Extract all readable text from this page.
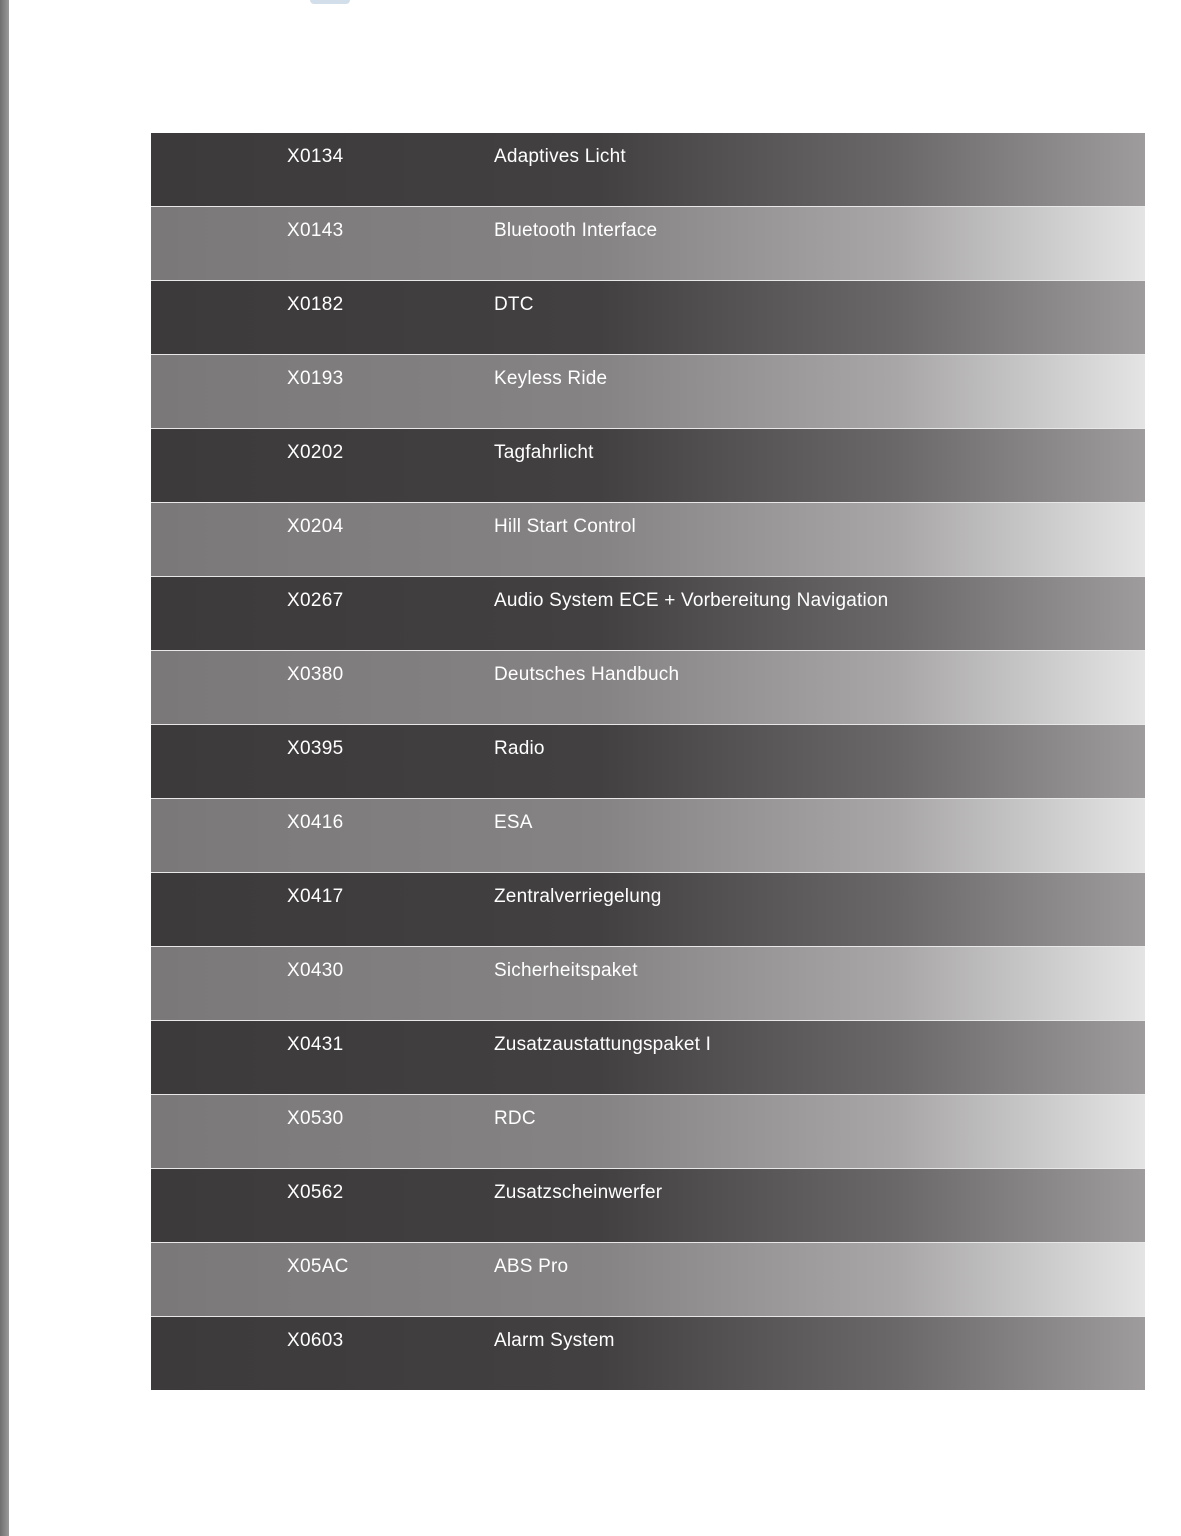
X0134	Adaptives Licht
X0143	Bluetooth Interface
X0182	DTC
X0193	Keyless Ride
X0202	Tagfahrlicht
X0204	Hill Start Control
X0267	Audio System ECE + Vorbereitung Navigation
X0380	Deutsches Handbuch
X0395	Radio
X0416	ESA
X0417	Zentralverriegelung
X0430	Sicherheitspaket
X0431	Zusatzaustattungspaket I
X0530	RDC
X0562	Zusatzscheinwerfer
X05AC	ABS Pro
X0603	Alarm System
